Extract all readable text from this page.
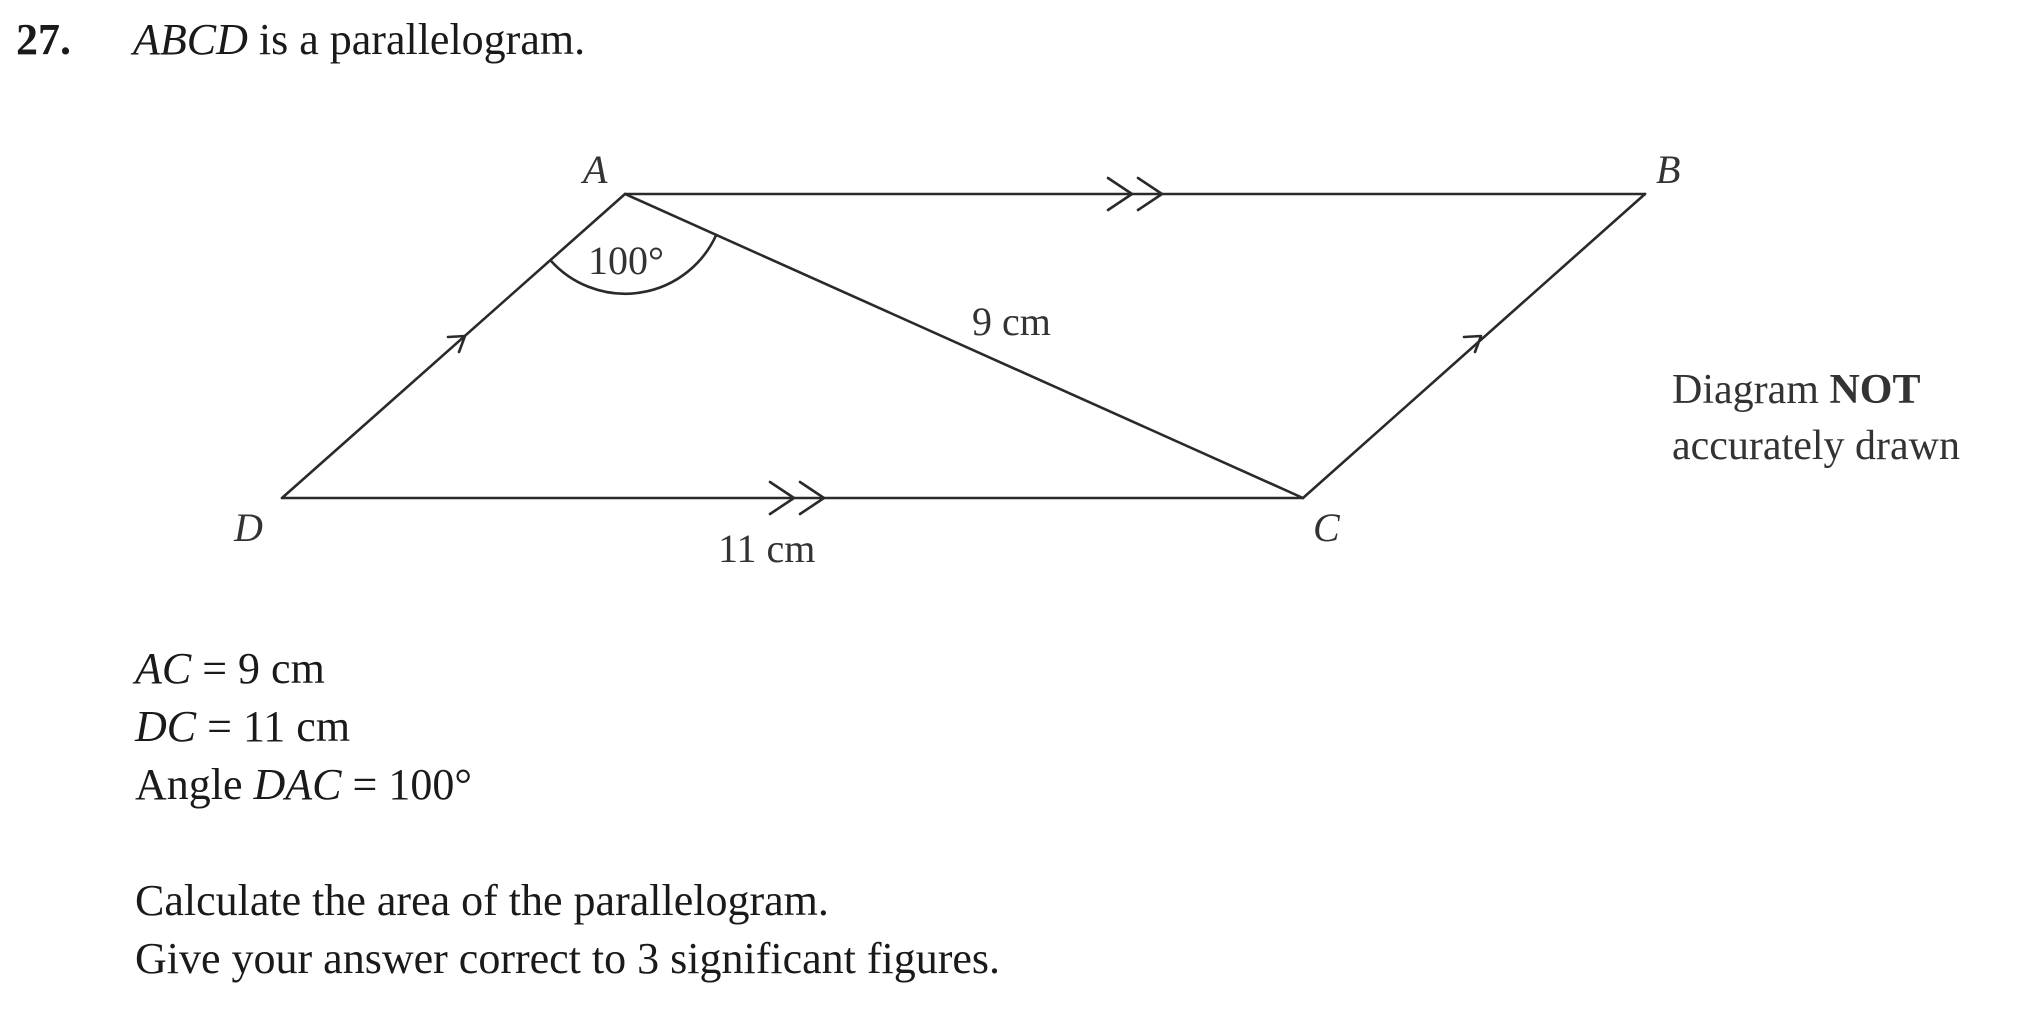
27. ABCD is a parallelogram.
A	B
C
D
100°
9 cm
11 cm
Diagram NOT
accurately drawn
AC = 9 cm
DC = 11 cm
Angle DAC = 100°
Calculate the area of the parallelogram.
Give your answer correct to 3 significant figures.
